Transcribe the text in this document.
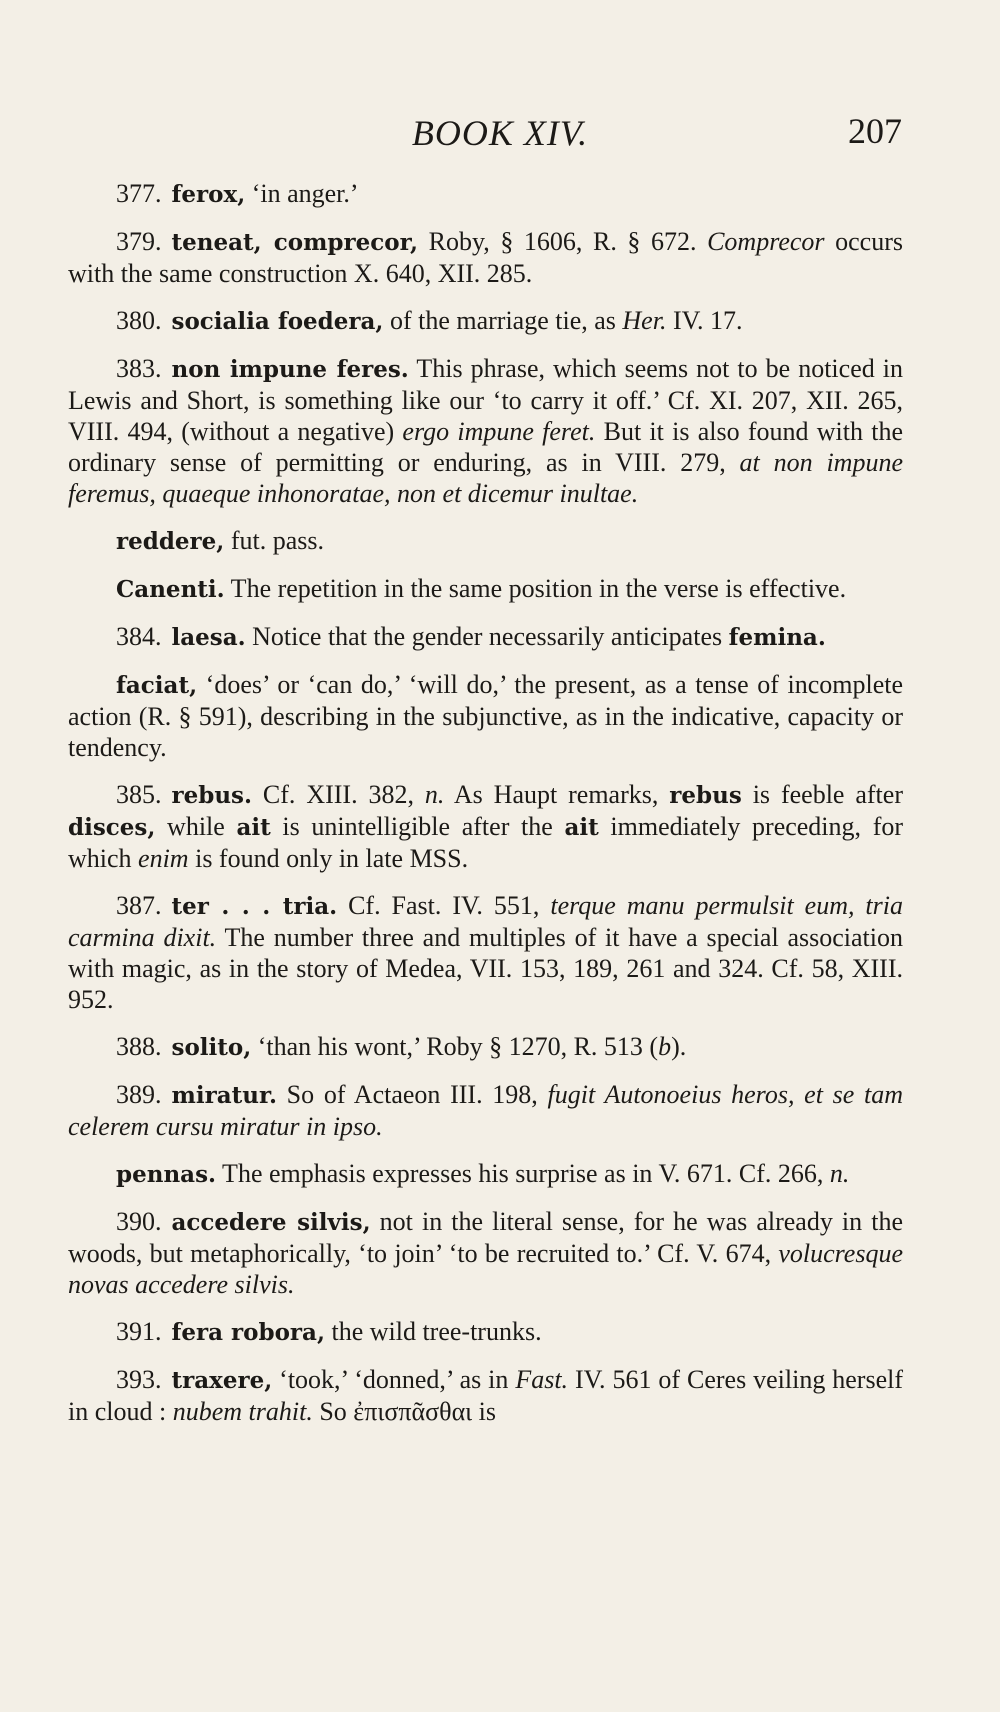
BOOK XIV.	207

377. ferox, ‘in anger.’

379. teneat, comprecor, Roby, § 1606, R. § 672. Comprecor occurs with the same construction X. 640, XII. 285.

380. socialia foedera, of the marriage tie, as Her. IV. 17.

383. non impune feres. This phrase, which seems not to be noticed in Lewis and Short, is something like our ‘to carry it off.’ Cf. XI. 207, XII. 265, VIII. 494, (without a negative) ergo impune feret. But it is also found with the ordinary sense of permitting or enduring, as in VIII. 279, at non impune feremus, quaeque inhonoratae, non et dicemur inultae.

reddere, fut. pass.

Canenti. The repetition in the same position in the verse is effective.

384. laesa. Notice that the gender necessarily anticipates femina.

faciat, ‘does’ or ‘can do,’ ‘will do,’ the present, as a tense of incomplete action (R. § 591), describing in the subjunctive, as in the indicative, capacity or tendency.

385. rebus. Cf. XIII. 382, n. As Haupt remarks, rebus is feeble after disces, while ait is unintelligible after the ait immediately preceding, for which enim is found only in late MSS.

387. ter . . . tria. Cf. Fast. IV. 551, terque manu permulsit eum, tria carmina dixit. The number three and multiples of it have a special association with magic, as in the story of Medea, VII. 153, 189, 261 and 324. Cf. 58, XIII. 952.

388. solito, ‘than his wont,’ Roby § 1270, R. 513 (b).

389. miratur. So of Actaeon III. 198, fugit Autonoeius heros, et se tam celerem cursu miratur in ipso.

pennas. The emphasis expresses his surprise as in V. 671. Cf. 266, n.

390. accedere silvis, not in the literal sense, for he was already in the woods, but metaphorically, ‘to join’ ‘to be recruited to.’ Cf. V. 674, volucresque novas accedere silvis.

391. fera robora, the wild tree-trunks.

393. traxere, ‘took,’ ‘donned,’ as in Fast. IV. 561 of Ceres veiling herself in cloud : nubem trahit. So ἐπισπᾶσθαι is
